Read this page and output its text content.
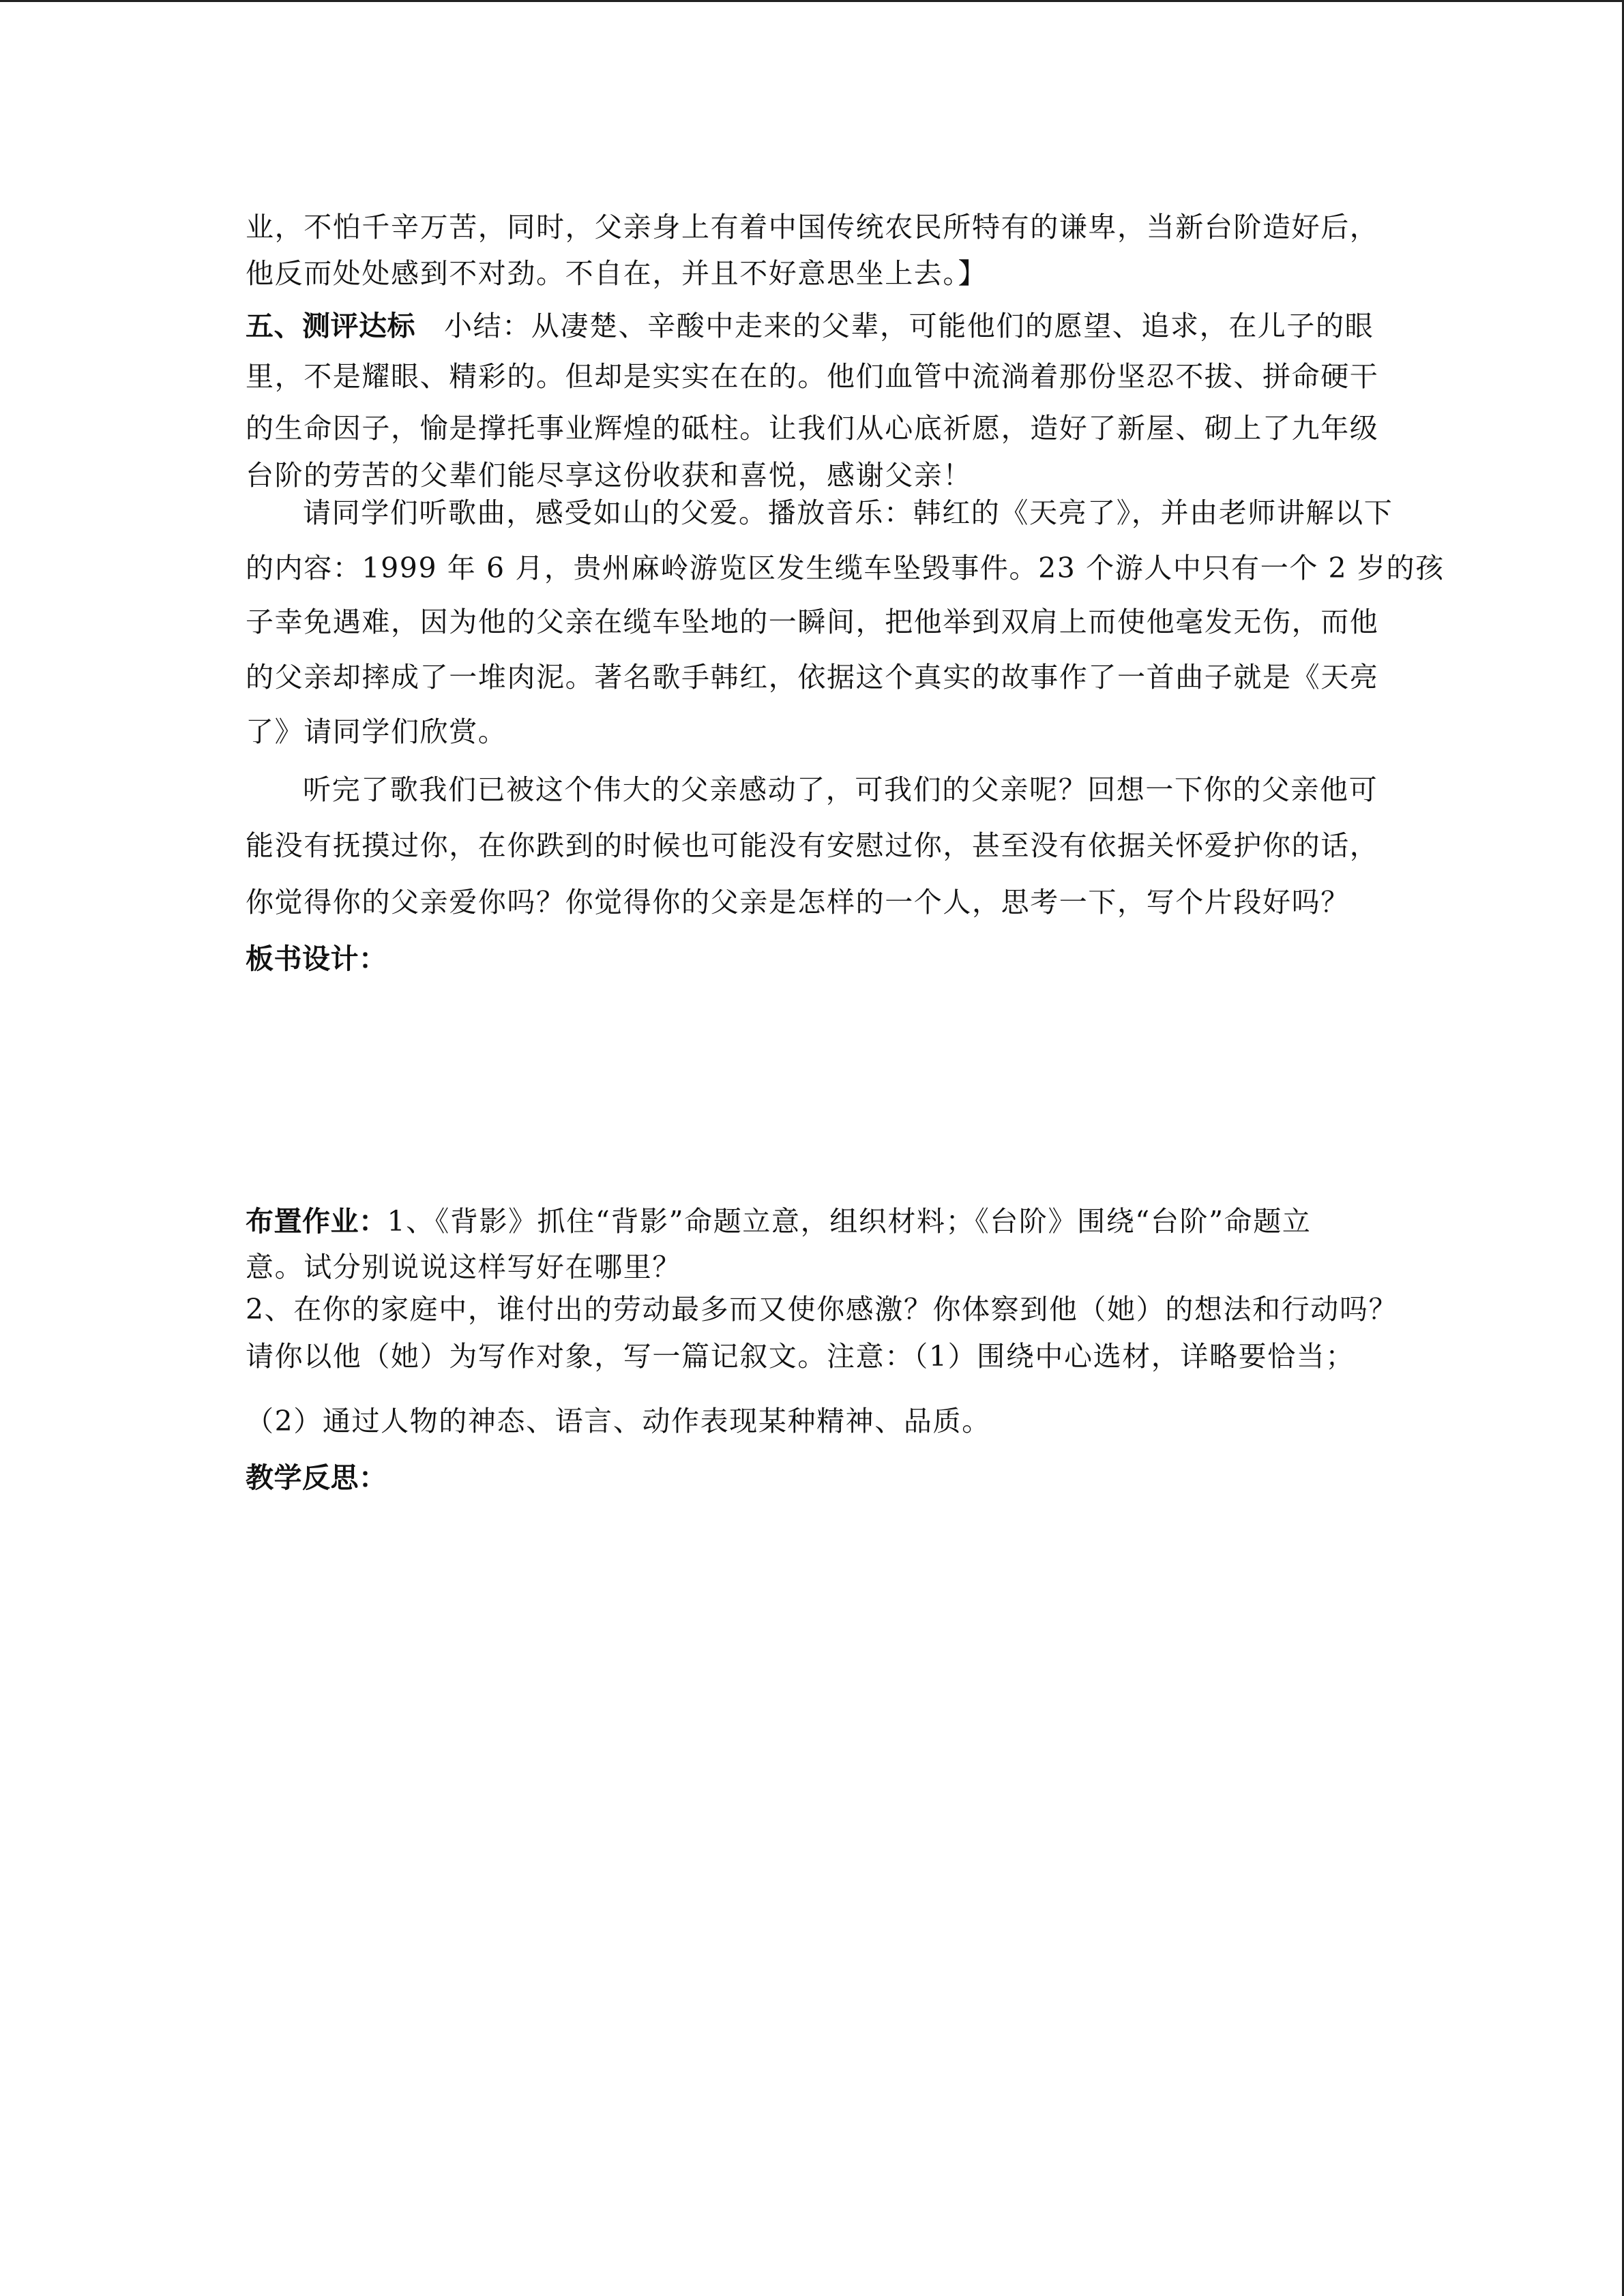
业，不怕千辛万苦，同时，父亲身上有着中国传统农民所特有的谦卑，当新台阶造好后，
他反而处处感到不对劲。不自在，并且不好意思坐上去。】
五、测评达标 小结：从凄楚、辛酸中走来的父辈，可能他们的愿望、追求，在儿子的眼
里，不是耀眼、精彩的。但却是实实在在的。他们血管中流淌着那份坚忍不拔、拼命硬干
的生命因子，愉是撑托事业辉煌的砥柱。让我们从心底祈愿，造好了新屋、砌上了九年级
台阶的劳苦的父辈们能尽享这份收获和喜悦，感谢父亲！
请同学们听歌曲，感受如山的父爱。播放音乐：韩红的《天亮了》，并由老师讲解以下
的内容：1999 年 6 月，贵州麻岭游览区发生缆车坠毁事件。23 个游人中只有一个 2 岁的孩
子幸免遇难，因为他的父亲在缆车坠地的一瞬间，把他举到双肩上而使他毫发无伤，而他
的父亲却摔成了一堆肉泥。著名歌手韩红，依据这个真实的故事作了一首曲子就是《天亮
了》请同学们欣赏。
听完了歌我们已被这个伟大的父亲感动了，可我们的父亲呢？回想一下你的父亲他可
能没有抚摸过你，在你跌到的时候也可能没有安慰过你，甚至没有依据关怀爱护你的话，
你觉得你的父亲爱你吗？你觉得你的父亲是怎样的一个人，思考一下，写个片段好吗？
板书设计：
布置作业：1、《背影》抓住“背影”命题立意，组织材料；《台阶》围绕“台阶”命题立
意。试分别说说这样写好在哪里？
2、在你的家庭中，谁付出的劳动最多而又使你感激？你体察到他（她）的想法和行动吗？
请你以他（她）为写作对象，写一篇记叙文。注意：（1）围绕中心选材，详略要恰当；
（2）通过人物的神态、语言、动作表现某种精神、品质。
教学反思：
